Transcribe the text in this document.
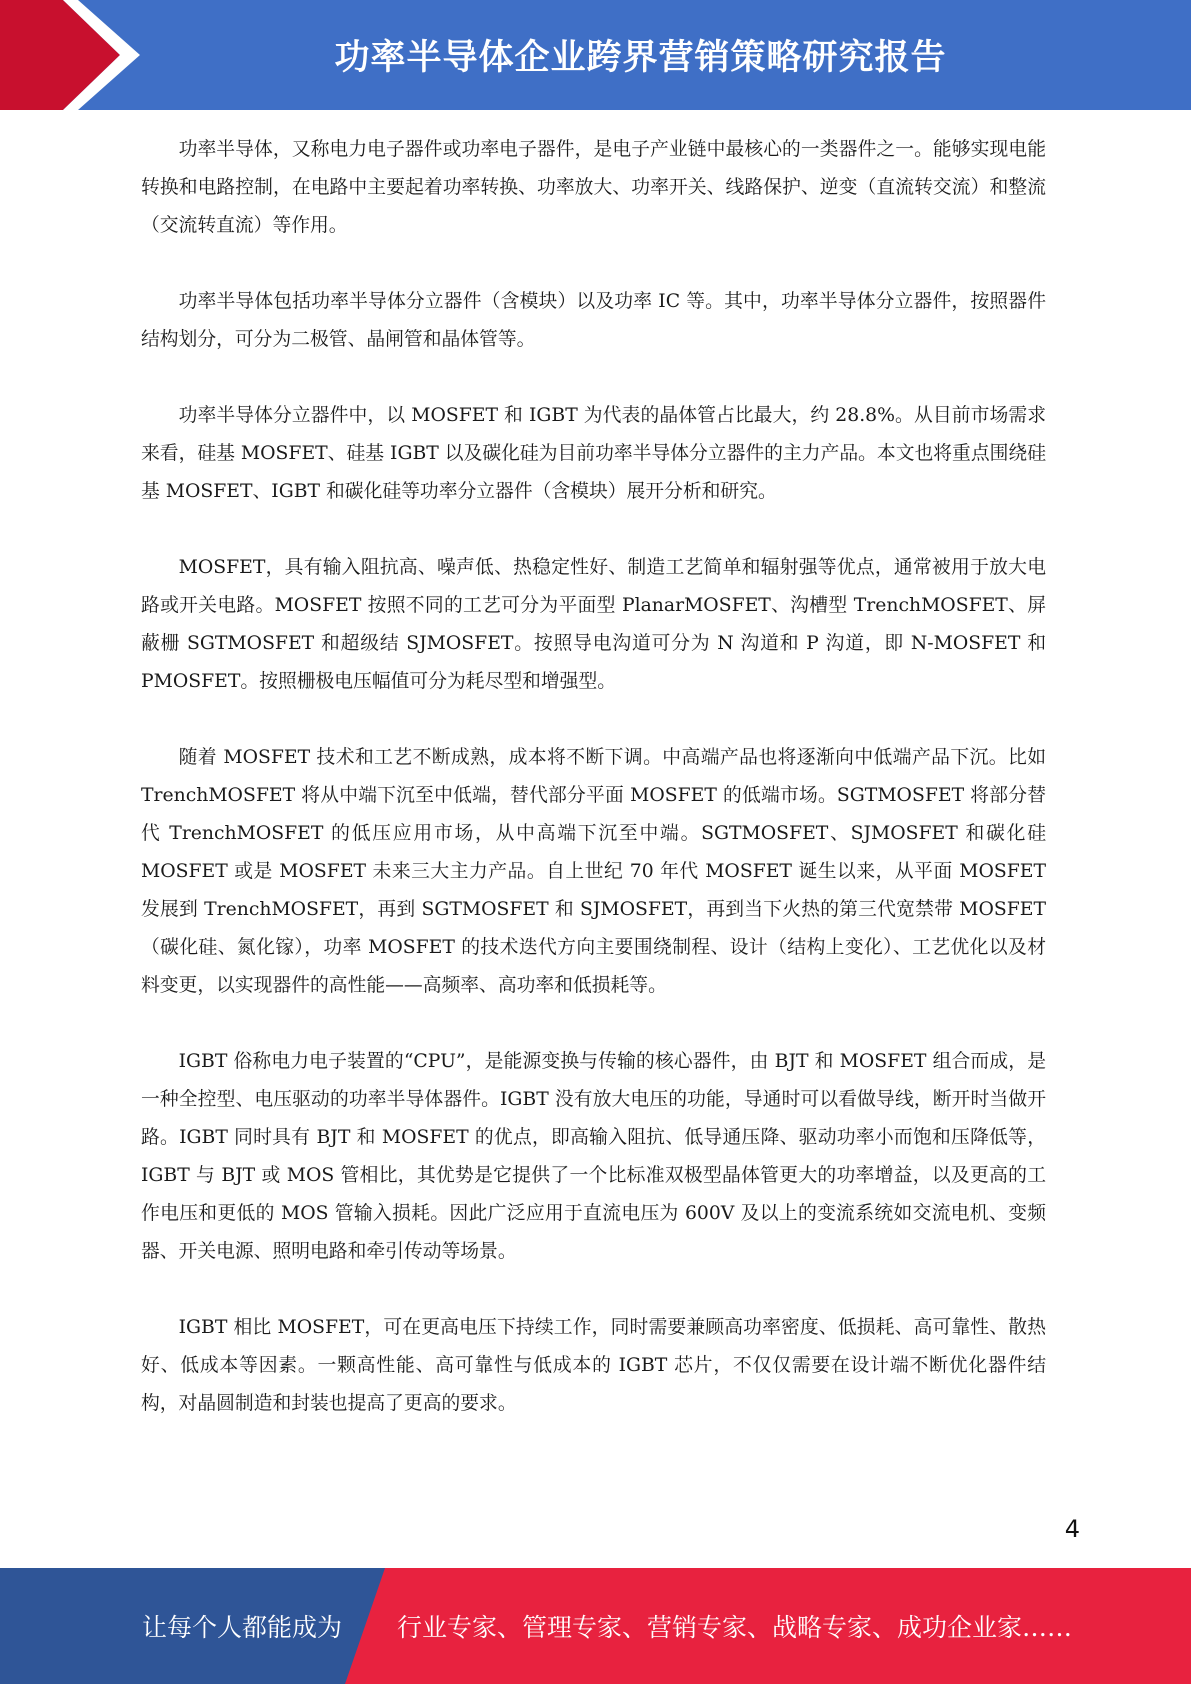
功率半导体企业跨界营销策略研究报告

功率半导体，又称电力电子器件或功率电子器件，是电子产业链中最核心的一类器件之一。能够实现电能转换和电路控制，在电路中主要起着功率转换、功率放大、功率开关、线路保护、逆变（直流转交流）和整流（交流转直流）等作用。

功率半导体包括功率半导体分立器件（含模块）以及功率 IC 等。其中，功率半导体分立器件，按照器件结构划分，可分为二极管、晶闸管和晶体管等。

功率半导体分立器件中，以 MOSFET 和 IGBT 为代表的晶体管占比最大，约 28.8%。从目前市场需求来看，硅基 MOSFET、硅基 IGBT 以及碳化硅为目前功率半导体分立器件的主力产品。本文也将重点围绕硅基 MOSFET、IGBT 和碳化硅等功率分立器件（含模块）展开分析和研究。

MOSFET，具有输入阻抗高、噪声低、热稳定性好、制造工艺简单和辐射强等优点，通常被用于放大电路或开关电路。MOSFET 按照不同的工艺可分为平面型 PlanarMOSFET、沟槽型 TrenchMOSFET、屏蔽栅 SGTMOSFET 和超级结 SJMOSFET。按照导电沟道可分为 N 沟道和 P 沟道，即 N-MOSFET 和 PMOSFET。按照栅极电压幅值可分为耗尽型和增强型。

随着 MOSFET 技术和工艺不断成熟，成本将不断下调。中高端产品也将逐渐向中低端产品下沉。比如 TrenchMOSFET 将从中端下沉至中低端，替代部分平面 MOSFET 的低端市场。SGTMOSFET 将部分替代 TrenchMOSFET 的低压应用市场，从中高端下沉至中端。SGTMOSFET、SJMOSFET 和碳化硅 MOSFET 或是 MOSFET 未来三大主力产品。自上世纪 70 年代 MOSFET 诞生以来，从平面 MOSFET 发展到 TrenchMOSFET，再到 SGTMOSFET 和 SJMOSFET，再到当下火热的第三代宽禁带 MOSFET（碳化硅、氮化镓），功率 MOSFET 的技术迭代方向主要围绕制程、设计（结构上变化）、工艺优化以及材料变更，以实现器件的高性能——高频率、高功率和低损耗等。

IGBT 俗称电力电子装置的“CPU”，是能源变换与传输的核心器件，由 BJT 和 MOSFET 组合而成，是一种全控型、电压驱动的功率半导体器件。IGBT 没有放大电压的功能，导通时可以看做导线，断开时当做开路。IGBT 同时具有 BJT 和 MOSFET 的优点，即高输入阻抗、低导通压降、驱动功率小而饱和压降低等，IGBT 与 BJT 或 MOS 管相比，其优势是它提供了一个比标准双极型晶体管更大的功率增益，以及更高的工作电压和更低的 MOS 管输入损耗。因此广泛应用于直流电压为 600V 及以上的变流系统如交流电机、变频器、开关电源、照明电路和牵引传动等场景。

IGBT 相比 MOSFET，可在更高电压下持续工作，同时需要兼顾高功率密度、低损耗、高可靠性、散热好、低成本等因素。一颗高性能、高可靠性与低成本的 IGBT 芯片，不仅仅需要在设计端不断优化器件结构，对晶圆制造和封装也提高了更高的要求。

4
让每个人都能成为 行业专家、管理专家、营销专家、战略专家、成功企业家……
